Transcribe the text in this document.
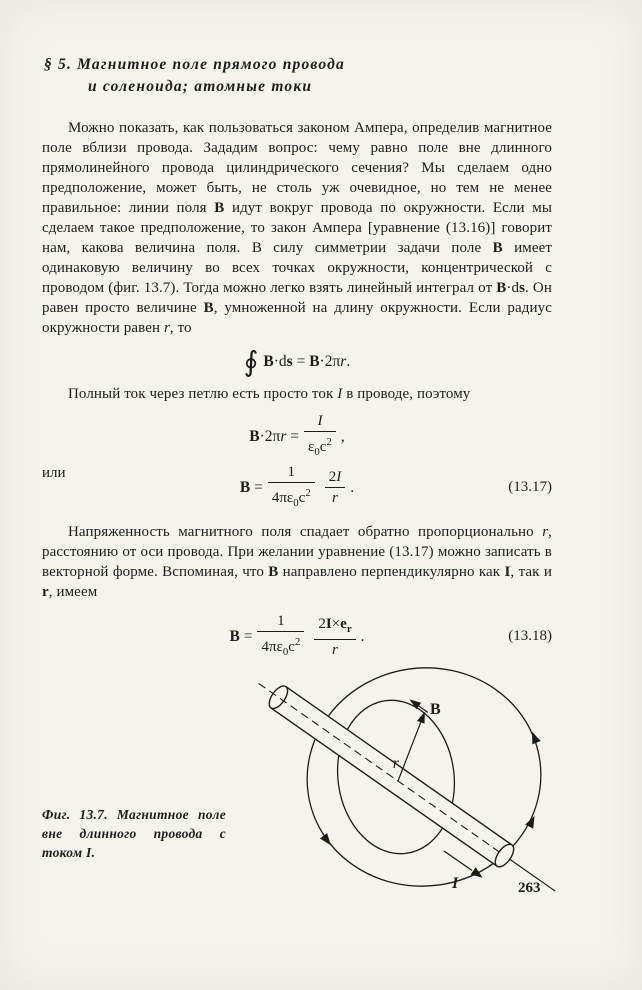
§ 5. Магнитное поле прямого провода
и соленоида; атомные токи

Можно показать, как пользоваться законом Ампера, определив магнитное поле вблизи провода. Зададим вопрос: чему равно поле вне длинного прямолинейного провода цилиндрического сечения? Мы сделаем одно предположение, может быть, не столь уж очевидное, но тем не менее правильное: линии поля B идут вокруг провода по окружности. Если мы сделаем такое предположение, то закон Ампера [уравнение (13.16)] говорит нам, какова величина поля. В силу симметрии задачи поле B имеет одинаковую величину во всех точках окружности, концентрической с проводом (фиг. 13.7). Тогда можно легко взять линейный интеграл от B·ds. Он равен просто величине B, умноженной на длину окружности. Если радиус окружности равен r, то

∮ B·ds = B·2πr.

Полный ток через петлю есть просто ток I в проводе, поэтому

$B\cdot 2\pi r = \frac{I}{\varepsilon_0c^2}$ ,
или
$B = \frac{1}{4\pi\varepsilon_0c^2} \frac{2I}{r}$ .	(13.17)

Напряженность магнитного поля спадает обратно пропорционально r, расстоянию от оси провода. При желании уравнение (13.17) можно записать в векторной форме. Вспоминая, что B направлено перпендикулярно как I, так и r, имеем

$B = \frac{1}{4\pi\varepsilon_0c^2} \frac{2I\times e_r}{r}$ .	(13.18)
Фиг. 13.7. Магнитное поле вне длинного провода с током I.
r
B
I	263
